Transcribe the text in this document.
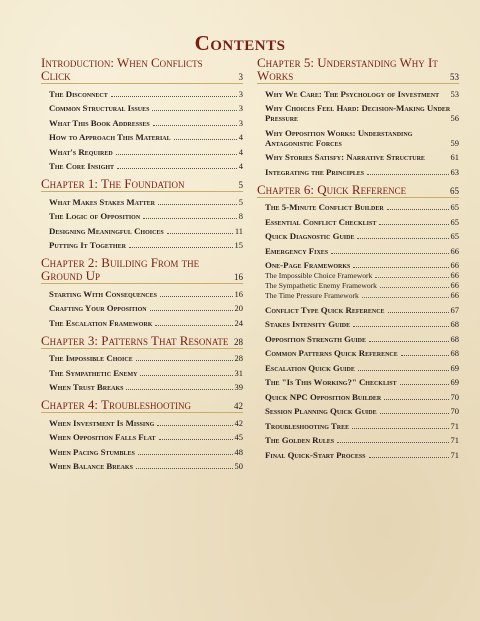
Contents
Introduction: When Conflicts Click	3
The Disconnect	3
Common Structural Issues	3
What This Book Addresses	3
How to Approach This Material	4
What's Required	4
The Core Insight	4
Chapter 1: The Foundation	5
What Makes Stakes Matter	5
The Logic of Opposition	8
Designing Meaningful Choices	11
Putting It Together	15
Chapter 2: Building From the Ground Up	16
Starting With Consequences	16
Crafting Your Opposition	20
The Escalation Framework	24
Chapter 3: Patterns That Resonate 28
The Impossible Choice	28
The Sympathetic Enemy	31
When Trust Breaks	39
Chapter 4: Troubleshooting	42
When Investment Is Missing	42
When Opposition Falls Flat	45
When Pacing Stumbles	48
When Balance Breaks	50
Chapter 5: Understanding Why It Works	53
Why We Care: The Psychology of Investment	53
Why Choices Feel Hard: Decision-Making Under Pressure	56
Why Opposition Works: Understanding Antagonistic Forces	59
Why Stories Satisfy: Narrative Structure	61
Integrating the Principles	63
Chapter 6: Quick Reference	65
The 5-Minute Conflict Builder	65
Essential Conflict Checklist	65
Quick Diagnostic Guide	65
Emergency Fixes	66
One-Page Frameworks	66
The Impossible Choice Framework	66
The Sympathetic Enemy Framework	66
The Time Pressure Framework	66
Conflict Type Quick Reference	67
Stakes Intensity Guide	68
Opposition Strength Guide	68
Common Patterns Quick Reference	68
Escalation Quick Guide	69
The "Is This Working?" Checklist	69
Quick NPC Opposition Builder	70
Session Planning Quick Guide	70
Troubleshooting Tree	71
The Golden Rules	71
Final Quick-Start Process	71
